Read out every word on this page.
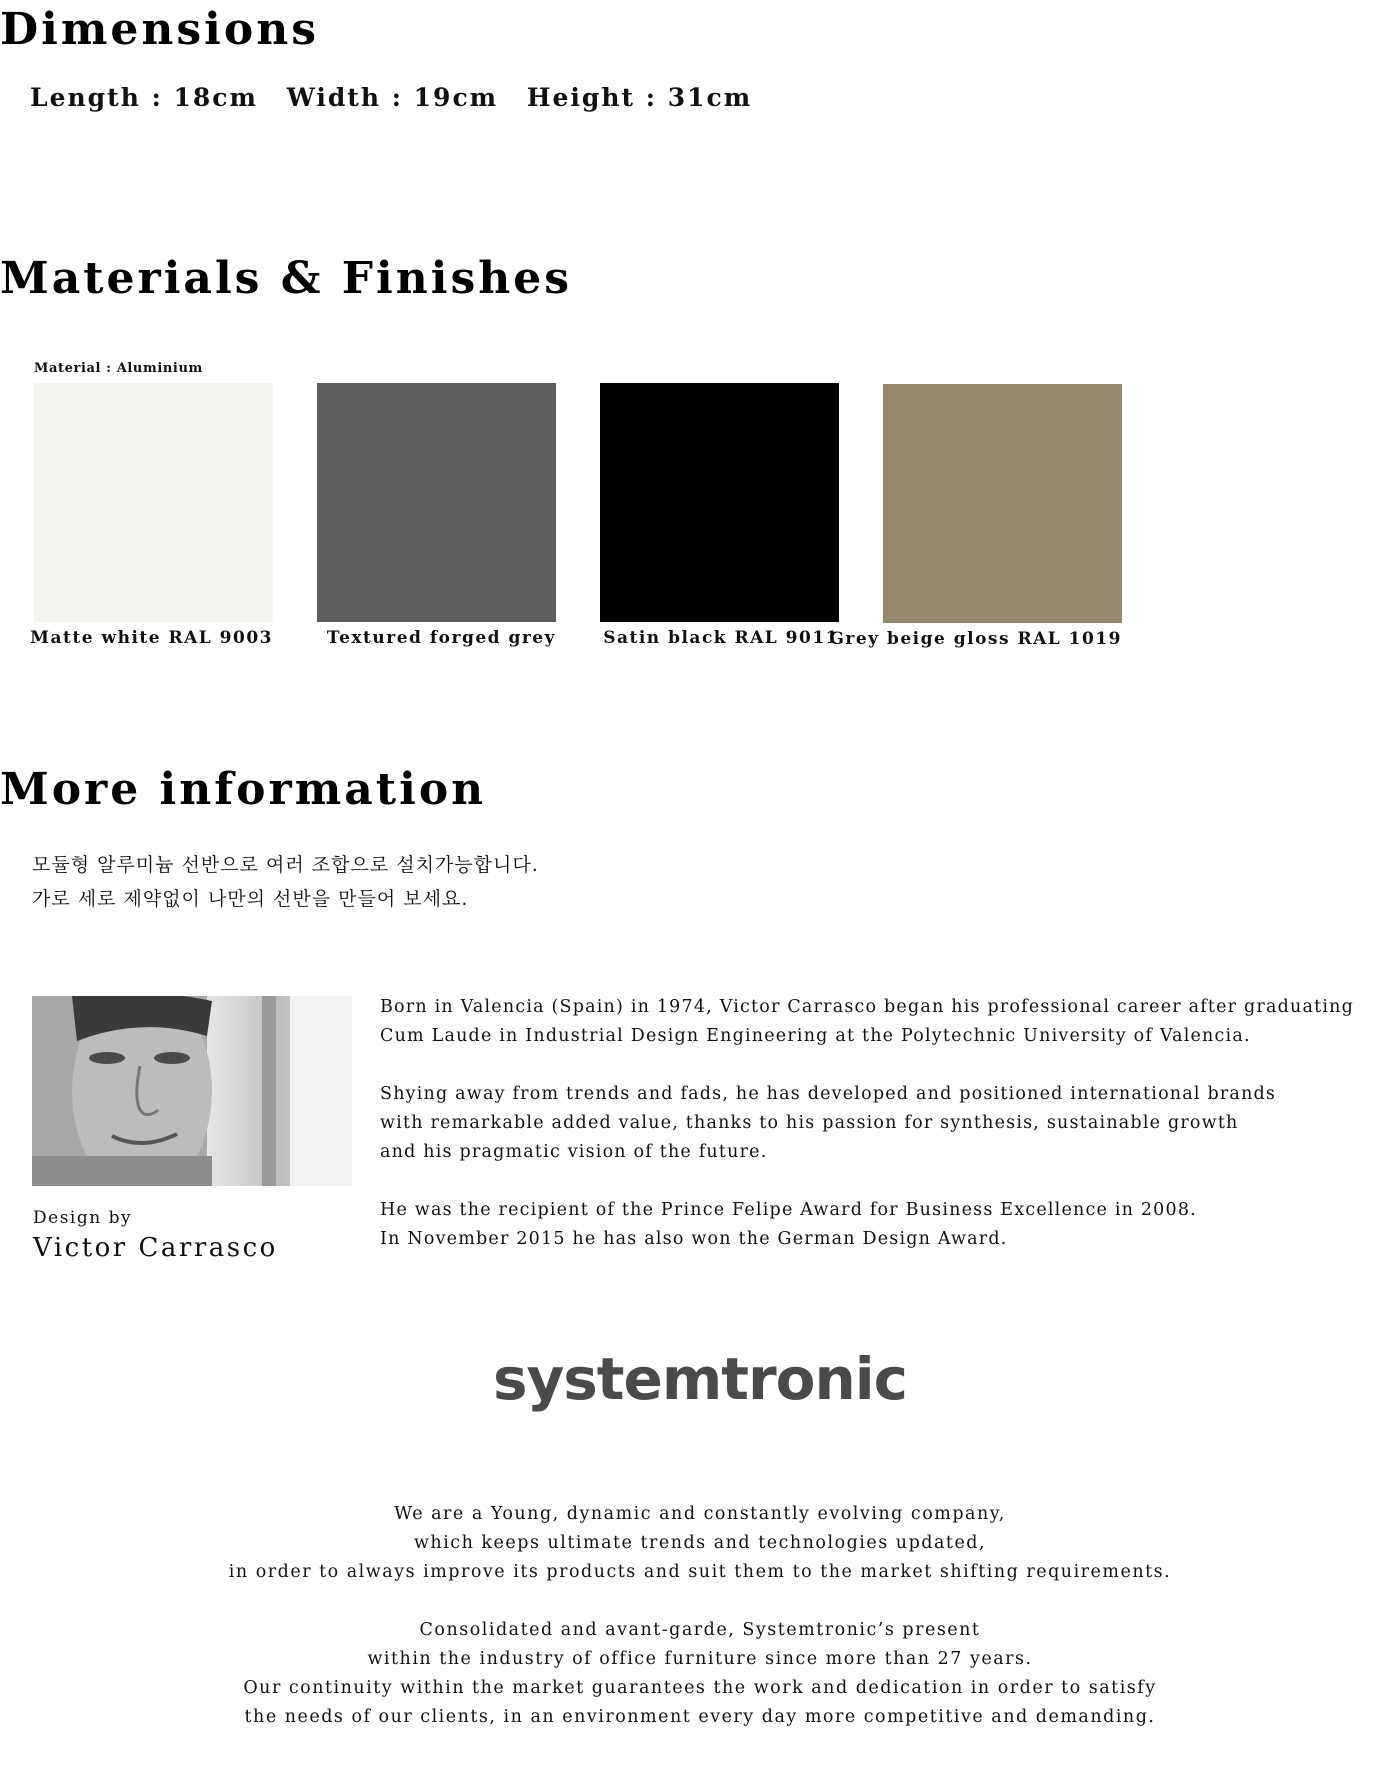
Dimensions
Length : 18cm Width : 19cm Height : 31cm
Materials & Finishes
Material : Aluminium
Matte white RAL 9003	Textured forged grey	Satin black RAL 9011
Grey beige gloss RAL 1019
More information
모듈형 알루미늄 선반으로 여러 조합으로 설치가능합니다.
가로 세로 제약없이 나만의 선반을 만들어 보세요.
Design by
Victor Carrasco
Born in Valencia (Spain) in 1974, Victor Carrasco began his professional career after graduating
Cum Laude in Industrial Design Engineering at the Polytechnic University of Valencia.
Shying away from trends and fads, he has developed and positioned international brands
with remarkable added value, thanks to his passion for synthesis, sustainable growth
and his pragmatic vision of the future.
He was the recipient of the Prince Felipe Award for Business Excellence in 2008.
In November 2015 he has also won the German Design Award.
systemtronic
We are a Young, dynamic and constantly evolving company,
which keeps ultimate trends and technologies updated,
in order to always improve its products and suit them to the market shifting requirements.
Consolidated and avant-garde, Systemtronic’s present
within the industry of office furniture since more than 27 years.
Our continuity within the market guarantees the work and dedication in order to satisfy
the needs of our clients, in an environment every day more competitive and demanding.
